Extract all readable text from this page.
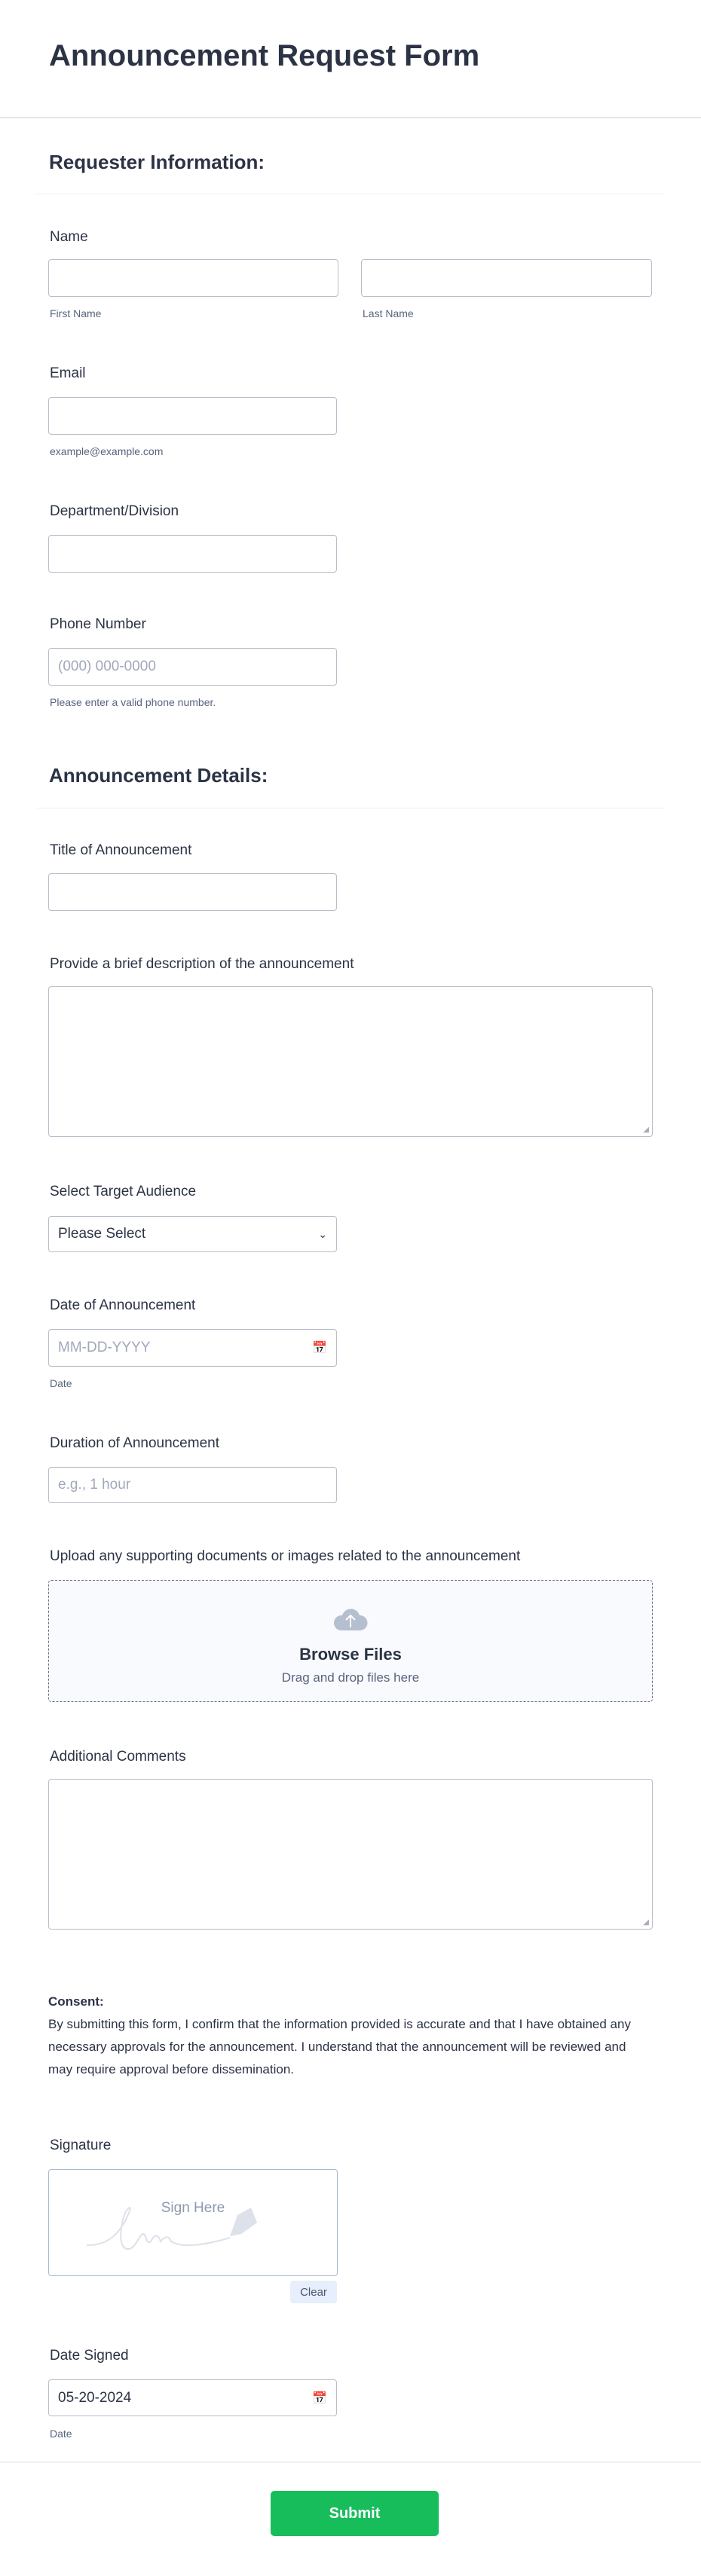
Announcement Request Form
Requester Information:
Name
First Name	Last Name
Email
example@example.com
Department/Division
Phone Number
(000) 000-0000
Please enter a valid phone number.
Announcement Details:
Title of Announcement
Provide a brief description of the announcement
◢
Select Target Audience
Please Select	⌄
Date of Announcement
MM-DD-YYYY	📅
Date
Duration of Announcement
e.g., 1 hour
Upload any supporting documents or images related to the announcement
Browse Files
Drag and drop files here
Additional Comments
◢
Consent:
By submitting this form, I confirm that the information provided is accurate and that I have obtained any necessary approvals for the announcement. I understand that the announcement will be reviewed and may require approval before dissemination.
Signature
Sign Here
Clear
Date Signed
05-20-2024	📅
Date
Submit
